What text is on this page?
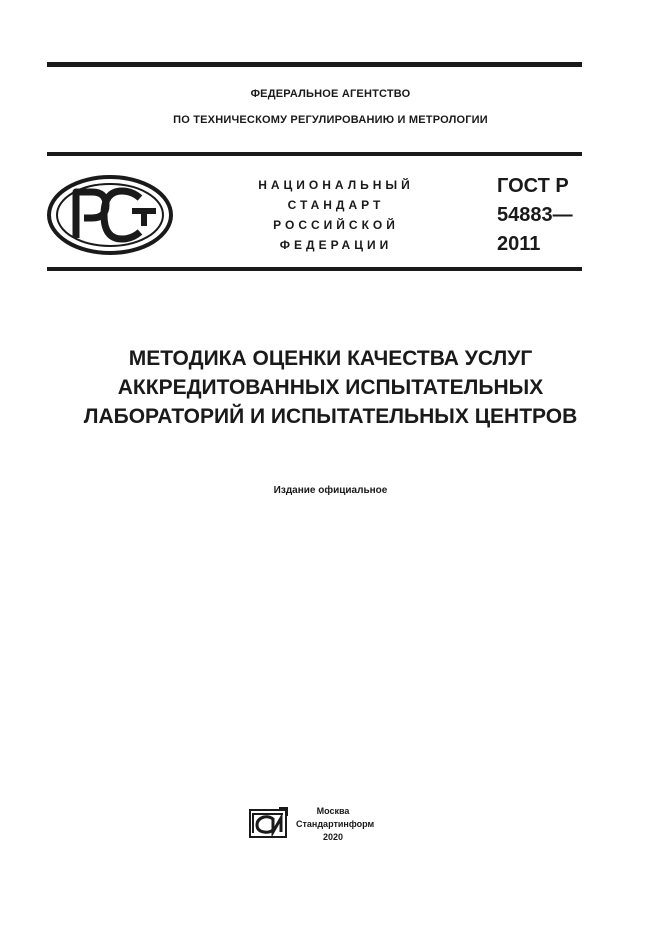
ФЕДЕРАЛЬНОЕ АГЕНТСТВО
ПО ТЕХНИЧЕСКОМУ РЕГУЛИРОВАНИЮ И МЕТРОЛОГИИ
НАЦИОНАЛЬНЫЙ
СТАНДАРТ
РОССИЙСКОЙ
ФЕДЕРАЦИИ
ГОСТ Р
54883—
2011
МЕТОДИКА ОЦЕНКИ КАЧЕСТВА УСЛУГ
АККРЕДИТОВАННЫХ ИСПЫТАТЕЛЬНЫХ
ЛАБОРАТОРИЙ И ИСПЫТАТЕЛЬНЫХ ЦЕНТРОВ
Издание официальное
Москва
Стандартинформ
2020
